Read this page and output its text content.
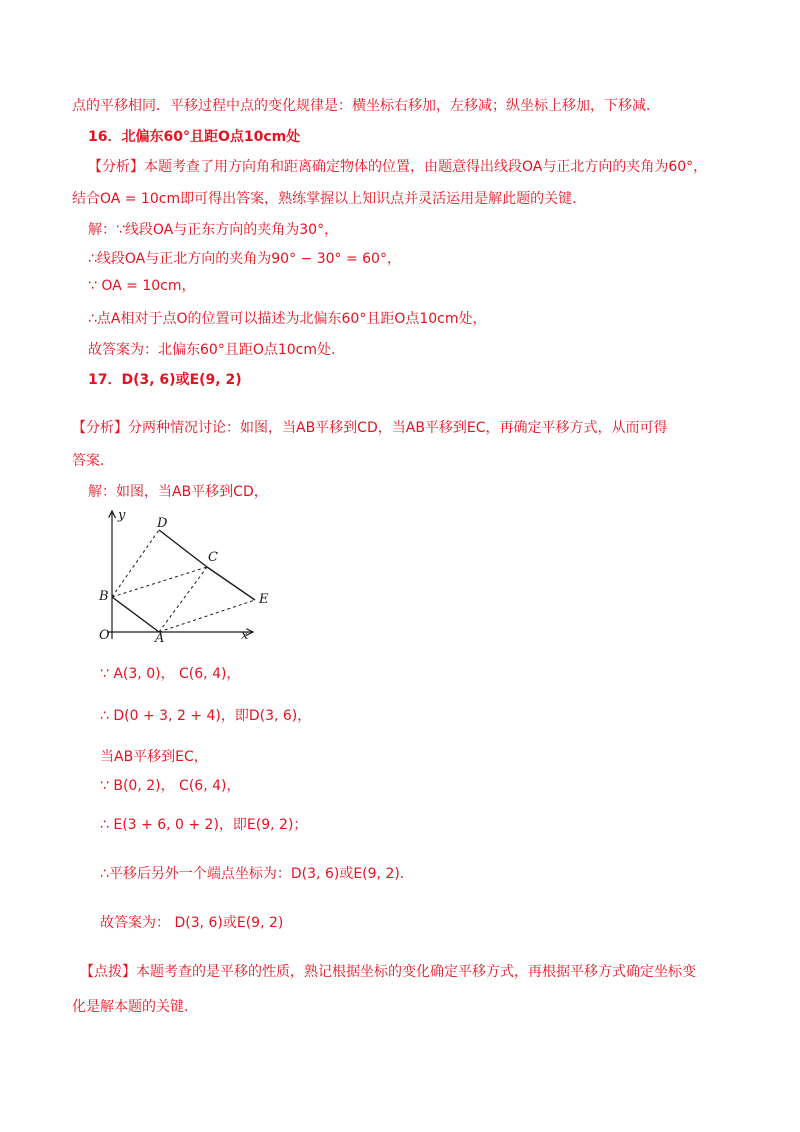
点的平移相同．平移过程中点的变化规律是：横坐标右移加，左移减；纵坐标上移加，下移减．
16．北偏东60°且距O点10cm处
【分析】本题考查了用方向角和距离确定物体的位置，由题意得出线段OA与正北方向的夹角为60°，
结合OA = 10cm即可得出答案，熟练掌握以上知识点并灵活运用是解此题的关键.
解：∵线段OA与正东方向的夹角为30°，
∴线段OA与正北方向的夹角为90° − 30° = 60°，
∵ OA = 10cm，
∴点A相对于点O的位置可以描述为北偏东60°且距O点10cm处，
故答案为：北偏东60°且距O点10cm处.
17．D(3, 6)或E(9, 2)
【分析】分两种情况讨论：如图，当AB平移到CD，当AB平移到EC，再确定平移方式，从而可得
答案.
解：如图，当AB平移到CD，
y
x
O	A
B
C
D
E
∵ A(3, 0)， C(6, 4)，
∴ D(0 + 3, 2 + 4)，即D(3, 6)，
当AB平移到EC，
∵ B(0, 2)， C(6, 4)，
∴ E(3 + 6, 0 + 2)，即E(9, 2)；
∴平移后另外一个端点坐标为：D(3, 6)或E(9, 2).
故答案为： D(3, 6)或E(9, 2)
【点拨】本题考查的是平移的性质，熟记根据坐标的变化确定平移方式，再根据平移方式确定坐标变
化是解本题的关键.
